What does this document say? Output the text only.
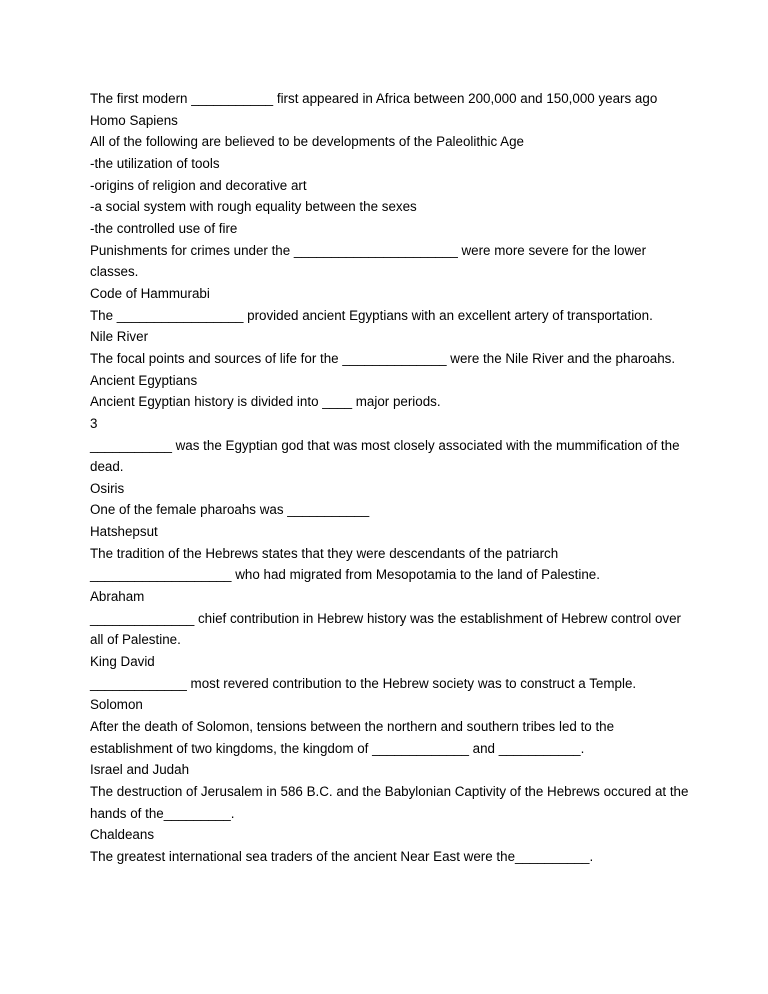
The first modern ___________ first appeared in Africa between 200,000 and 150,000 years ago
Homo Sapiens
All of the following are believed to be developments of the Paleolithic Age
-the utilization of tools
-origins of religion and decorative art
-a social system with rough equality between the sexes
-the controlled use of fire
Punishments for crimes under the ______________________ were more severe for the lower classes.
Code of Hammurabi
The _________________ provided ancient Egyptians with an excellent artery of transportation.
Nile River
The focal points and sources of life for the ______________ were the Nile River and the pharoahs.
Ancient Egyptians
Ancient Egyptian history is divided into ____ major periods.
3
___________ was the Egyptian god that was most closely associated with the mummification of the dead.
Osiris
One of the female pharoahs was ___________
Hatshepsut
The tradition of the Hebrews states that they were descendants of the patriarch ___________________ who had migrated from Mesopotamia to the land of Palestine.
Abraham
______________ chief contribution in Hebrew history was the establishment of Hebrew control over all of Palestine.
King David
_____________ most revered contribution to the Hebrew society was to construct a Temple.
Solomon
After the death of Solomon, tensions between the northern and southern tribes led to the establishment of two kingdoms, the kingdom of _____________ and ___________.
Israel and Judah
The destruction of Jerusalem in 586 B.C. and the Babylonian Captivity of the Hebrews occured at the hands of the_________.
Chaldeans
The greatest international sea traders of the ancient Near East were the__________.
